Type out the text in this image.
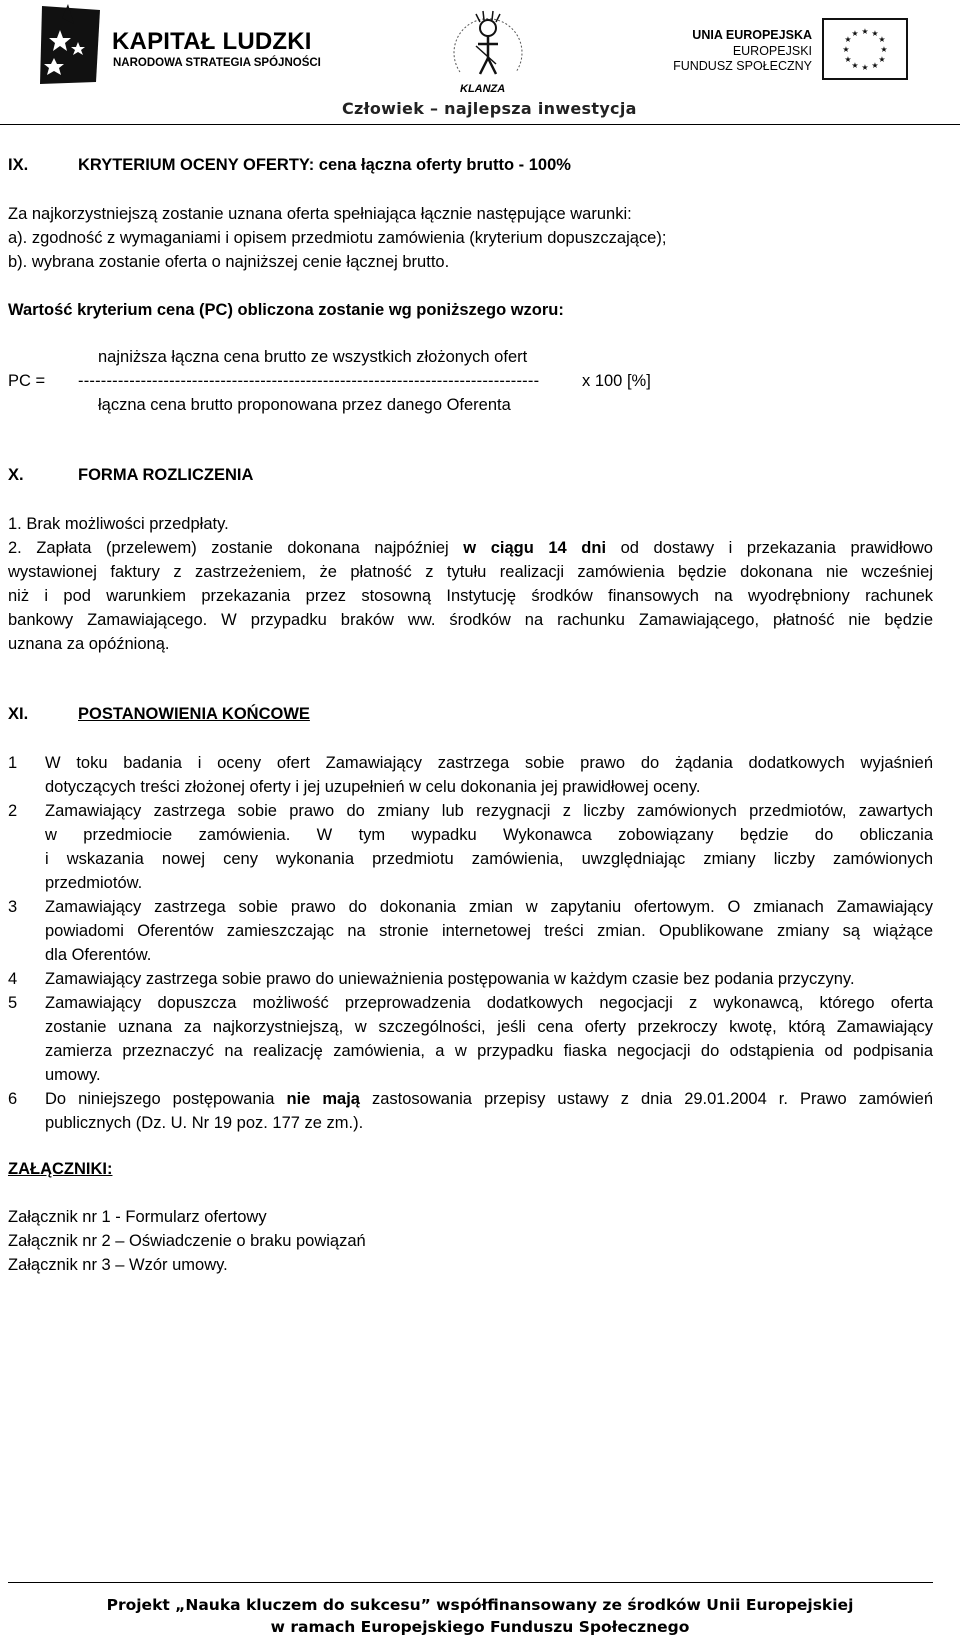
KAPITAŁ LUDZKI
NARODOWA STRATEGIA SPÓJNOŚCI
KLANZA
Człowiek – najlepsza inwestycja
UNIA EUROPEJSKA
EUROPEJSKI
FUNDUSZ SPOŁECZNY
★ ★
★
★
★
★
★
★
★
★
★
★
IX.	KRYTERIUM OCENY OFERTY: cena łączna oferty brutto - 100%
Za najkorzystniejszą zostanie uznana oferta spełniająca łącznie następujące warunki:
a). zgodność z wymaganiami i opisem przedmiotu zamówienia (kryterium dopuszczające);
b). wybrana zostanie oferta o najniższej cenie łącznej brutto.
Wartość kryterium cena (PC) obliczona zostanie wg poniższego wzoru:
najniższa łączna cena brutto ze wszystkich złożonych ofert
PC = ---------------------------------------------------------------------------------	x 100 [%]
łączna cena brutto proponowana przez danego Oferenta
X.	FORMA ROZLICZENIA
1. Brak możliwości przedpłaty.
2. Zapłata (przelewem) zostanie dokonana najpóźniej w ciągu 14 dni od dostawy i przekazania prawidłowo
wystawionej faktury z zastrzeżeniem, że płatność z tytułu realizacji zamówienia będzie dokonana nie wcześniej
niż i pod warunkiem przekazania przez stosowną Instytucję środków finansowych na wyodrębniony rachunek
bankowy Zamawiającego. W przypadku braków ww. środków na rachunku Zamawiającego, płatność nie będzie
uznana za opóźnioną.
XI.	POSTANOWIENIA KOŃCOWE
1 W toku badania i oceny ofert Zamawiający zastrzega sobie prawo do żądania dodatkowych wyjaśnień
dotyczących treści złożonej oferty i jej uzupełnień w celu dokonania jej prawidłowej oceny.
2 Zamawiający zastrzega sobie prawo do zmiany lub rezygnacji z liczby zamówionych przedmiotów, zawartych
w przedmiocie zamówienia. W tym wypadku Wykonawca zobowiązany będzie do obliczania
i wskazania nowej ceny wykonania przedmiotu zamówienia, uwzględniając zmiany liczby zamówionych
przedmiotów.
3 Zamawiający zastrzega sobie prawo do dokonania zmian w zapytaniu ofertowym. O zmianach Zamawiający
powiadomi Oferentów zamieszczając na stronie internetowej treści zmian. Opublikowane zmiany są wiążące
dla Oferentów.
4 Zamawiający zastrzega sobie prawo do unieważnienia postępowania w każdym czasie bez podania przyczyny.
5 Zamawiający dopuszcza możliwość przeprowadzenia dodatkowych negocjacji z wykonawcą, którego oferta
zostanie uznana za najkorzystniejszą, w szczególności, jeśli cena oferty przekroczy kwotę, którą Zamawiający
zamierza przeznaczyć na realizację zamówienia, a w przypadku fiaska negocjacji do odstąpienia od podpisania
umowy.
6 Do niniejszego postępowania nie mają zastosowania przepisy ustawy z dnia 29.01.2004 r. Prawo zamówień
publicznych (Dz. U. Nr 19 poz. 177 ze zm.).
ZAŁĄCZNIKI:
Załącznik nr 1 - Formularz ofertowy
Załącznik nr 2 – Oświadczenie o braku powiązań
Załącznik nr 3 – Wzór umowy.
Projekt „Nauka kluczem do sukcesu” współfinansowany ze środków Unii Europejskiej
w ramach Europejskiego Funduszu Społecznego
